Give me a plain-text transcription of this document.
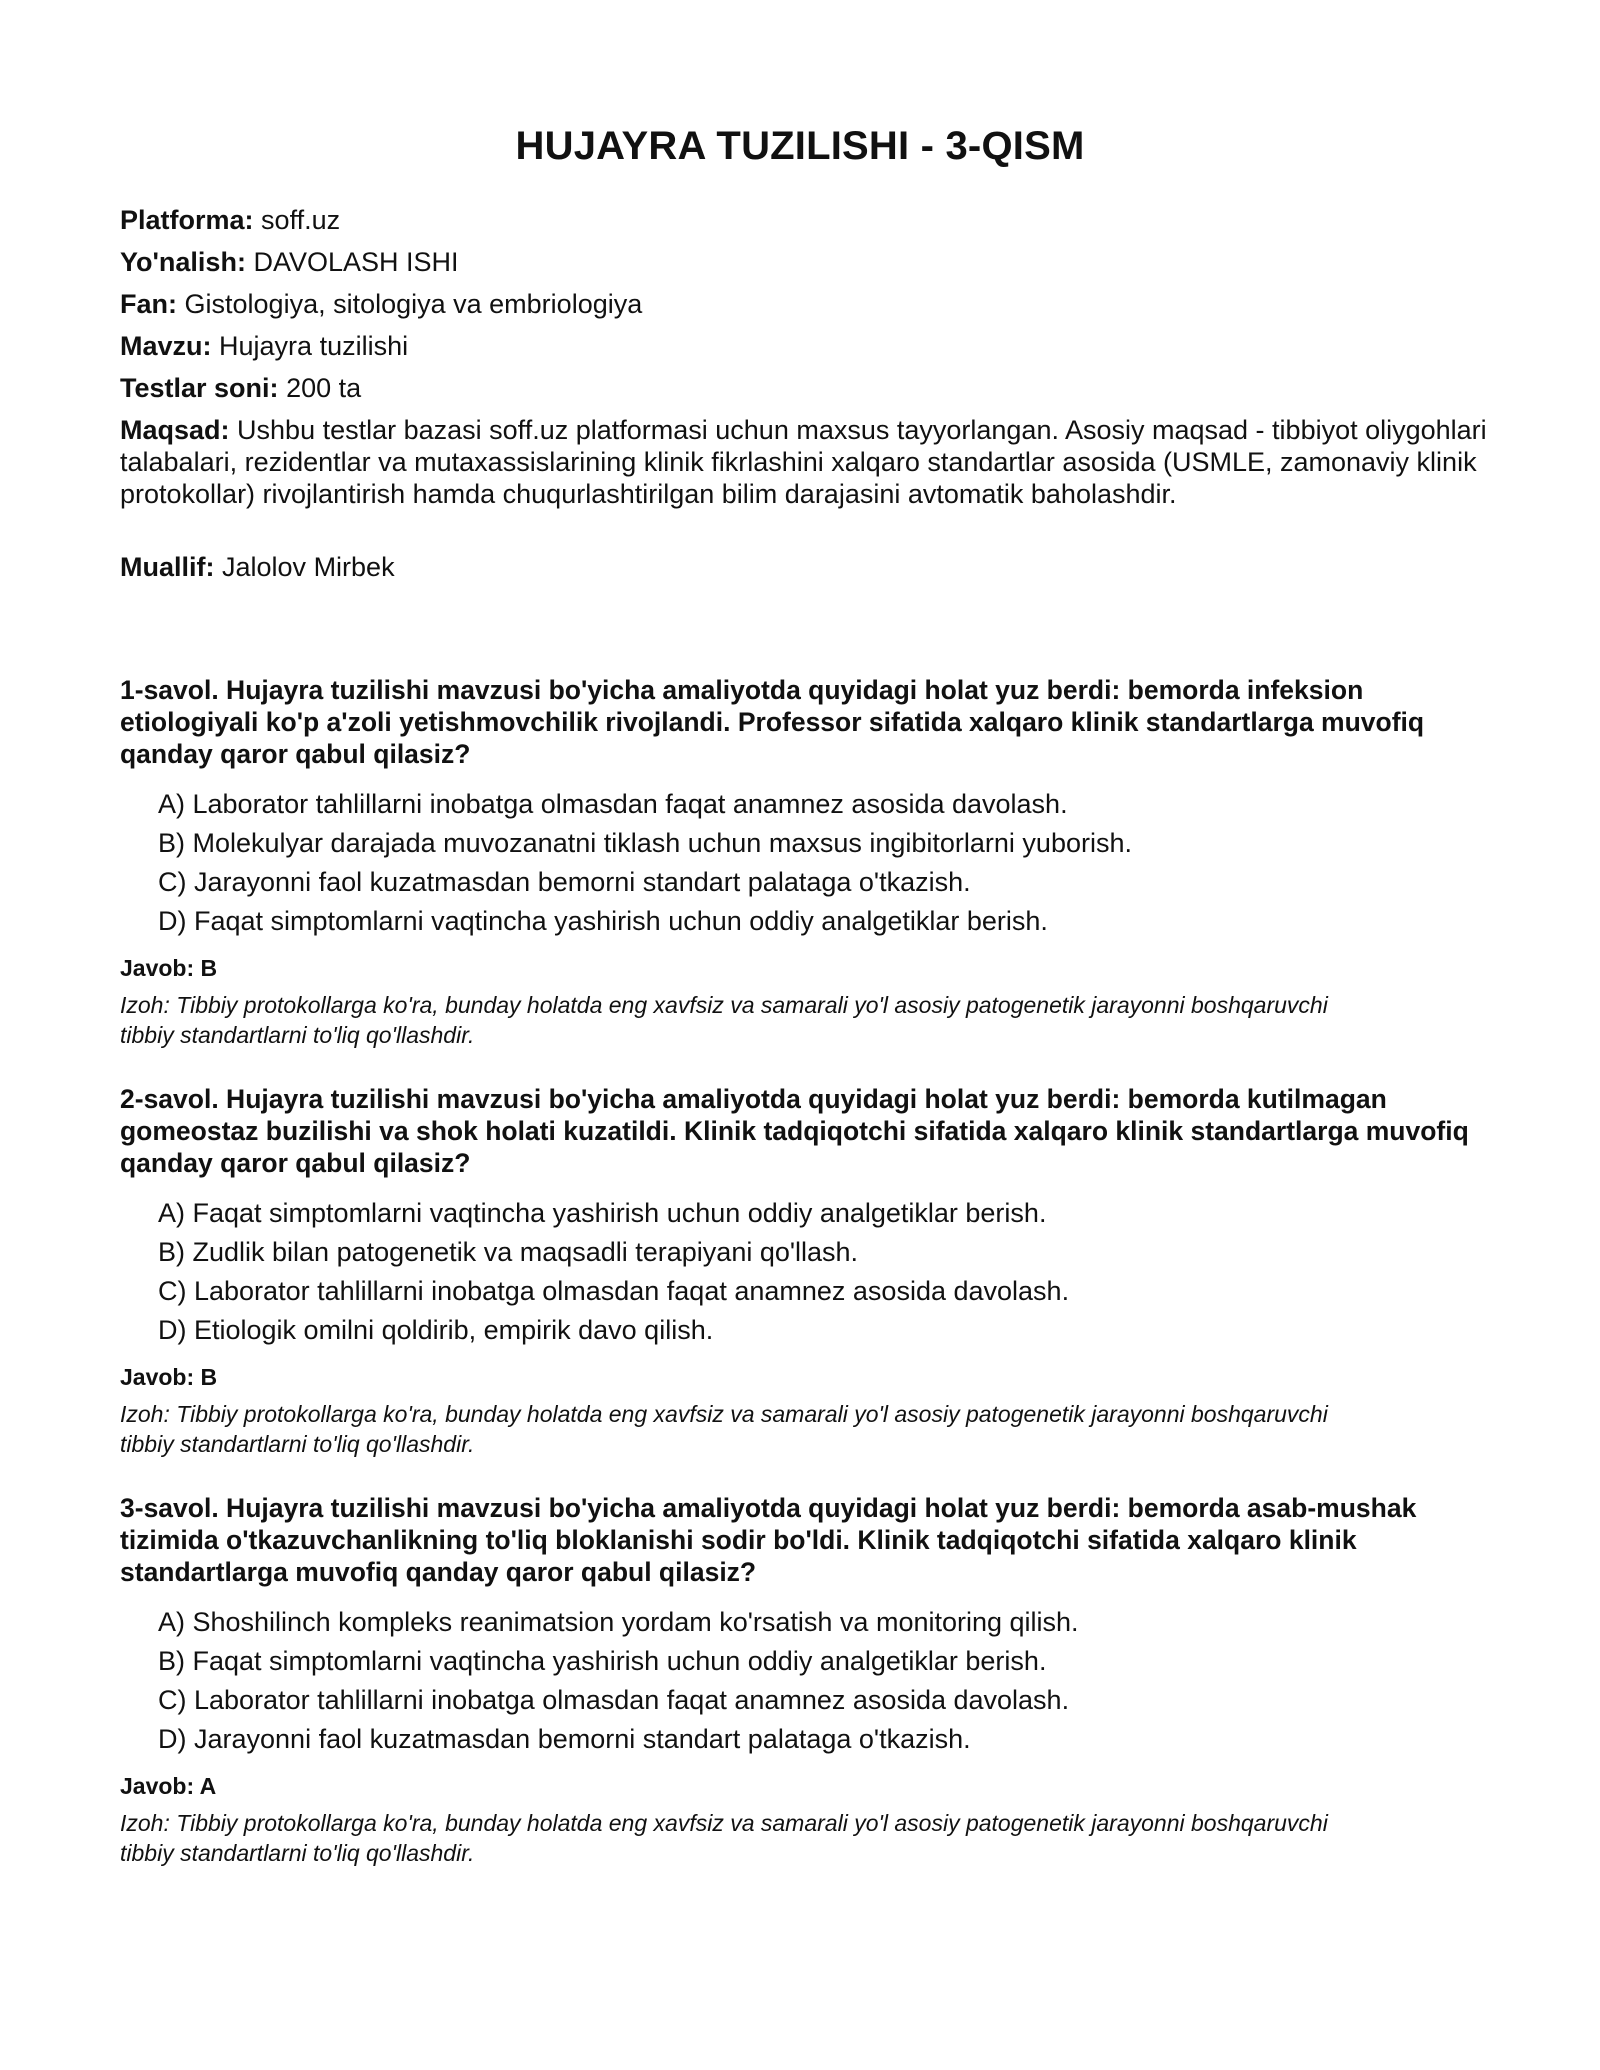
HUJAYRA TUZILISHI - 3-QISM
Platforma: soff.uz
Yo'nalish: DAVOLASH ISHI
Fan: Gistologiya, sitologiya va embriologiya
Mavzu: Hujayra tuzilishi
Testlar soni: 200 ta
Maqsad: Ushbu testlar bazasi soff.uz platformasi uchun maxsus tayyorlangan. Asosiy maqsad - tibbiyot oliygohlari talabalari, rezidentlar va mutaxassislarining klinik fikrlashini xalqaro standartlar asosida (USMLE, zamonaviy klinik protokollar) rivojlantirish hamda chuqurlashtirilgan bilim darajasini avtomatik baholashdir.
Muallif: Jalolov Mirbek

1-savol. Hujayra tuzilishi mavzusi bo'yicha amaliyotda quyidagi holat yuz berdi: bemorda infeksion etiologiyali ko'p a'zoli yetishmovchilik rivojlandi. Professor sifatida xalqaro klinik standartlarga muvofiq qanday qaror qabul qilasiz?

A) Laborator tahlillarni inobatga olmasdan faqat anamnez asosida davolash.
B) Molekulyar darajada muvozanatni tiklash uchun maxsus ingibitorlarni yuborish.
C) Jarayonni faol kuzatmasdan bemorni standart palataga o'tkazish.
D) Faqat simptomlarni vaqtincha yashirish uchun oddiy analgetiklar berish.
Javob: B
Izoh: Tibbiy protokollarga ko'ra, bunday holatda eng xavfsiz va samarali yo'l asosiy patogenetik jarayonni boshqaruvchi tibbiy standartlarni to'liq qo'llashdir.

2-savol. Hujayra tuzilishi mavzusi bo'yicha amaliyotda quyidagi holat yuz berdi: bemorda kutilmagan gomeostaz buzilishi va shok holati kuzatildi. Klinik tadqiqotchi sifatida xalqaro klinik standartlarga muvofiq qanday qaror qabul qilasiz?

A) Faqat simptomlarni vaqtincha yashirish uchun oddiy analgetiklar berish.
B) Zudlik bilan patogenetik va maqsadli terapiyani qo'llash.
C) Laborator tahlillarni inobatga olmasdan faqat anamnez asosida davolash.
D) Etiologik omilni qoldirib, empirik davo qilish.
Javob: B
Izoh: Tibbiy protokollarga ko'ra, bunday holatda eng xavfsiz va samarali yo'l asosiy patogenetik jarayonni boshqaruvchi tibbiy standartlarni to'liq qo'llashdir.

3-savol. Hujayra tuzilishi mavzusi bo'yicha amaliyotda quyidagi holat yuz berdi: bemorda asab-mushak tizimida o'tkazuvchanlikning to'liq bloklanishi sodir bo'ldi. Klinik tadqiqotchi sifatida xalqaro klinik standartlarga muvofiq qanday qaror qabul qilasiz?

A) Shoshilinch kompleks reanimatsion yordam ko'rsatish va monitoring qilish.
B) Faqat simptomlarni vaqtincha yashirish uchun oddiy analgetiklar berish.
C) Laborator tahlillarni inobatga olmasdan faqat anamnez asosida davolash.
D) Jarayonni faol kuzatmasdan bemorni standart palataga o'tkazish.
Javob: A
Izoh: Tibbiy protokollarga ko'ra, bunday holatda eng xavfsiz va samarali yo'l asosiy patogenetik jarayonni boshqaruvchi tibbiy standartlarni to'liq qo'llashdir.
